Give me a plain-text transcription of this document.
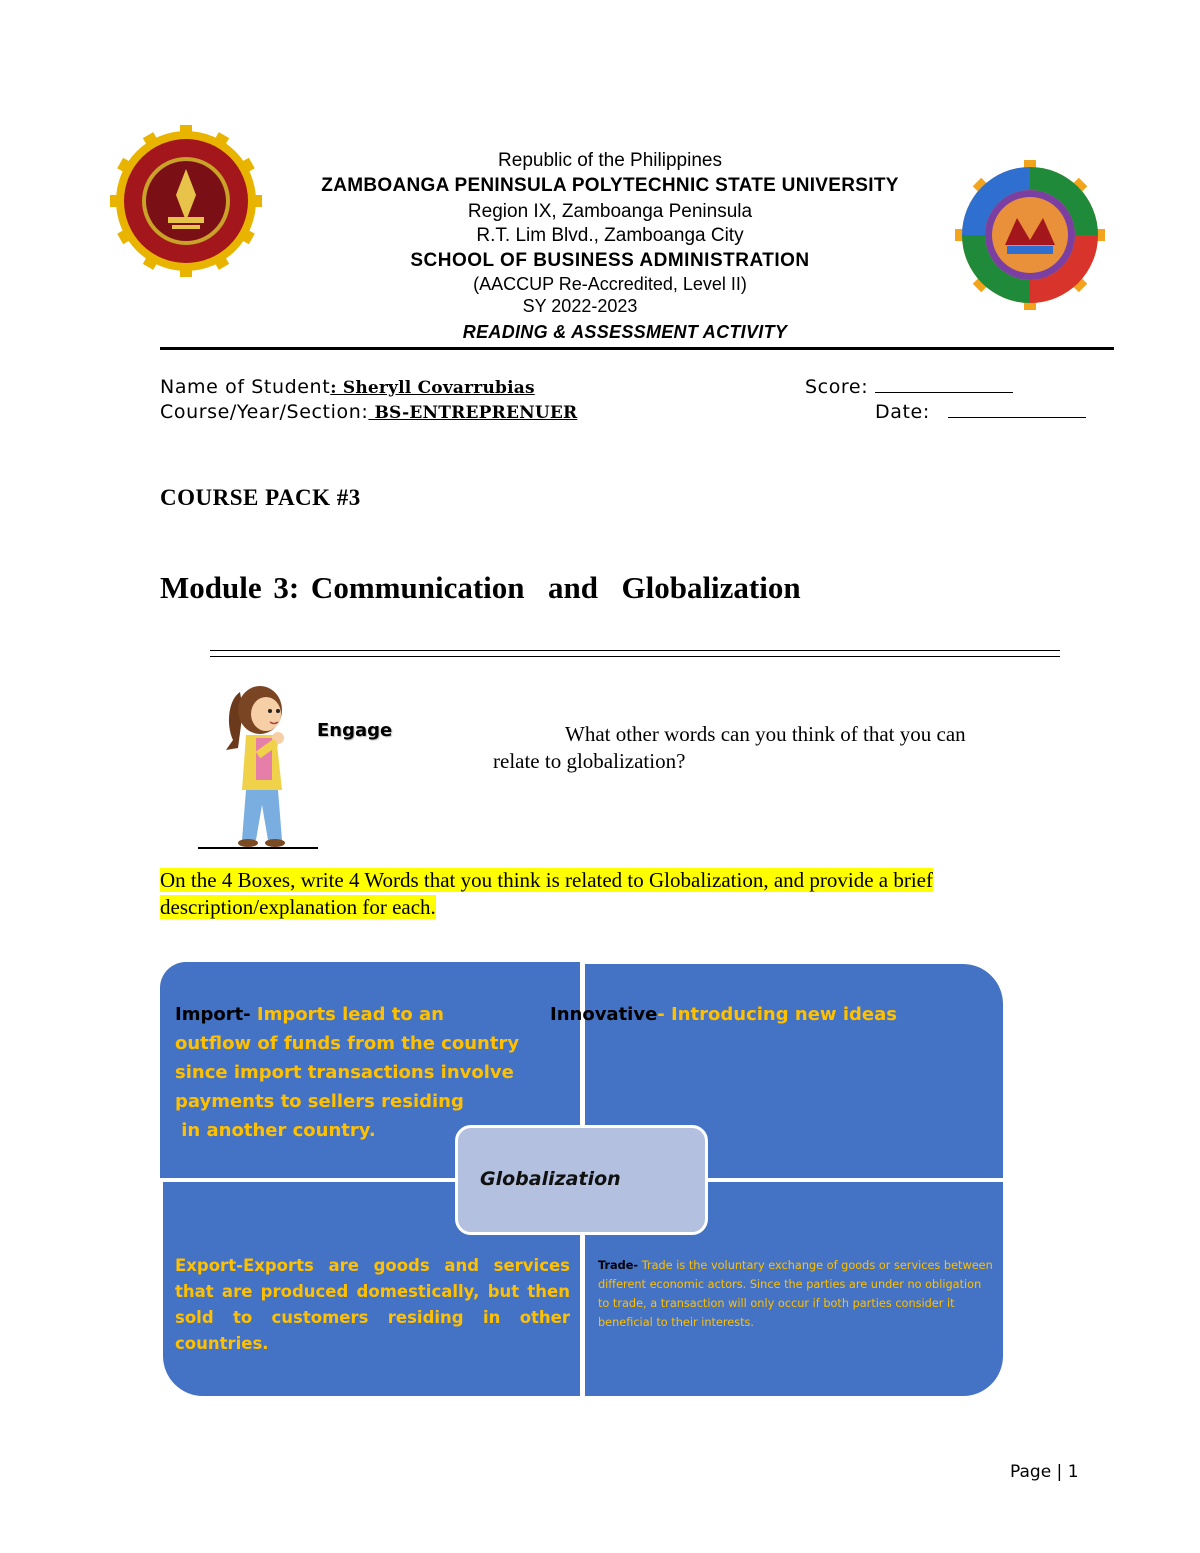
Republic of the Philippines
ZAMBOANGA PENINSULA POLYTECHNIC STATE UNIVERSITY
Region IX, Zamboanga Peninsula
R.T. Lim Blvd., Zamboanga City
SCHOOL OF BUSINESS ADMINISTRATION
(AACCUP Re-Accredited, Level II)
SY 2022-2023
READING & ASSESSMENT ACTIVITY
Name of Student: Sheryll Covarrubias	Score:
Course/Year/Section: BS-ENTREPRENUER	Date:
COURSE PACK #3
Module 3: Communication  and  Globalization
Engage	What other words can you think of that you can
relate to globalization?
On the 4 Boxes, write 4 Words that you think is related to Globalization, and provide a brief
description/explanation for each.
Import- Imports lead to an
outflow of funds from the country
since import transactions involve
payments to sellers residing
in another country.
Innovative- Introducing new ideas
Export-Exports are goods and services that are produced domestically, but then sold to customers residing in other countries.
Trade- Trade is the voluntary exchange of goods or services between different economic actors. Since the parties are under no obligation to trade, a transaction will only occur if both parties consider it beneficial to their interests.
Globalization
Page | 1
